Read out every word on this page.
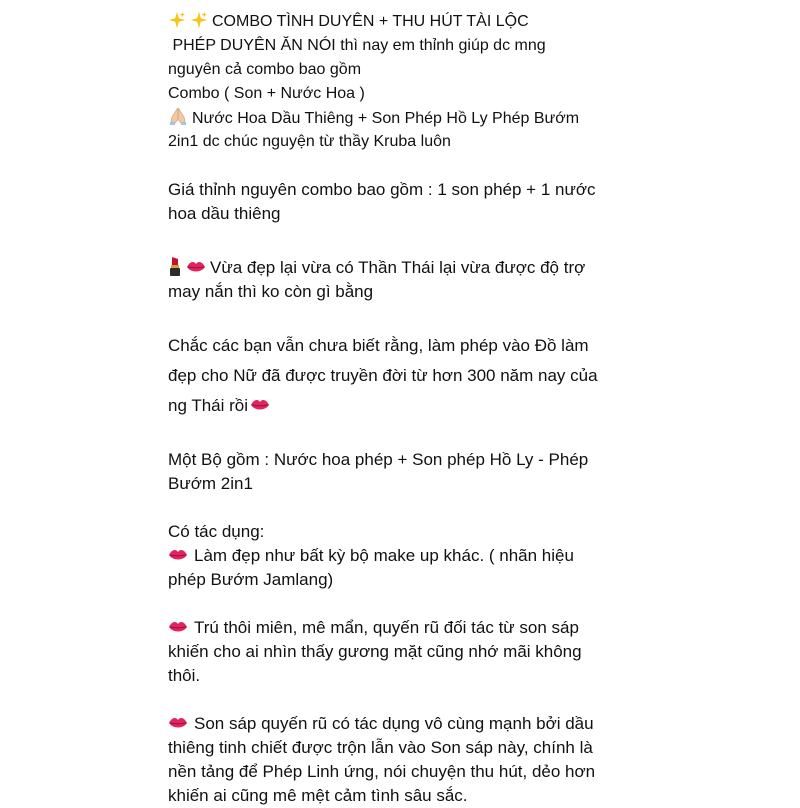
COMBO TÌNH DUYÊN + THU HÚT TÀI LỘC
PHÉP DUYÊN ĂN NÓI thì nay em thỉnh giúp dc mng
nguyên cả combo bao gồm
Combo ( Son + Nước Hoa )
Nước Hoa Dầu Thiêng + Son Phép Hồ Ly Phép Bướm
2in1 dc chúc nguyện từ thầy Kruba luôn
Giá thỉnh nguyên combo bao gồm : 1 son phép + 1 nước
hoa dầu thiêng
Vừa đẹp lại vừa có Thần Thái lại vừa được độ trợ
may nắn thì ko còn gì bằng
Chắc các bạn vẫn chưa biết rằng, làm phép vào Đồ làm
đẹp cho Nữ đã được truyền đời từ hơn 300 năm nay của
ng Thái rồi
Một Bộ gồm : Nước hoa phép + Son phép Hồ Ly - Phép
Bướm 2in1
Có tác dụng:
Làm đẹp như bất kỳ bộ make up khác. ( nhãn hiệu
phép Bướm Jamlang)
Trú thôi miên, mê mẩn, quyến rũ đối tác từ son sáp
khiến cho ai nhìn thấy gương mặt cũng nhớ mãi không
thôi.
Son sáp quyến rũ có tác dụng vô cùng mạnh bởi dầu
thiêng tinh chiết được trộn lẫn vào Son sáp này, chính là
nền tảng để Phép Linh ứng, nói chuyện thu hút, dẻo hơn
khiến ai cũng mê mệt cảm tình sâu sắc.
